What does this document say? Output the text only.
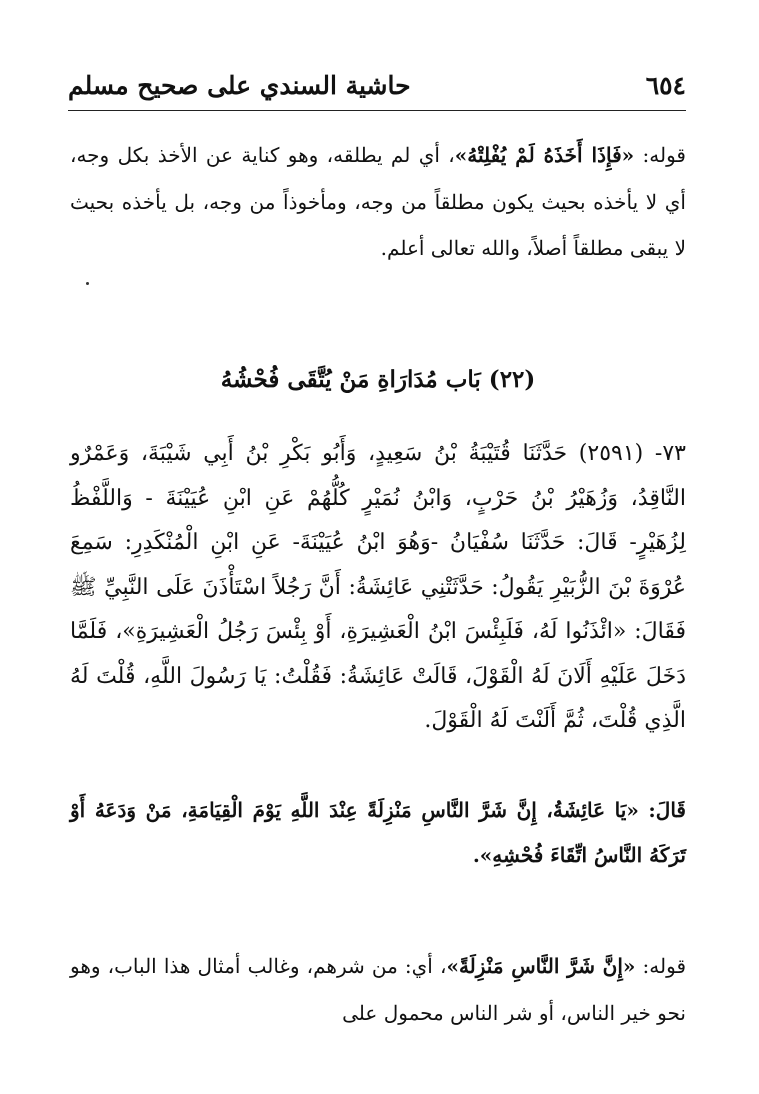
٦٥٤
حاشية السندي على صحيح مسلم

قوله: «فَإِذَا أَخَذَهُ لَمْ يُفْلِتْهُ»، أي لم يطلقه، وهو كناية عن الأخذ بكل وجه، أي لا يأخذه بحيث يكون مطلقاً من وجه، ومأخوذاً من وجه، بل يأخذه بحيث لا يبقى مطلقاً أصلاً، والله تعالى أعلم.

(٢٢) بَاب مُدَارَاةِ مَنْ يُتَّقَى فُحْشُهُ

٧٣- (٢٥٩١) حَدَّثَنَا قُتَيْبَةُ بْنُ سَعِيدٍ، وَأَبُو بَكْرِ بْنُ أَبِي شَيْبَةَ، وَعَمْرٌو النَّاقِدُ، وَزُهَيْرُ بْنُ حَرْبٍ، وَابْنُ نُمَيْرٍ كُلُّهُمْ عَنِ ابْنِ عُيَيْنَةَ - وَاللَّفْظُ لِزُهَيْرٍ- قَالَ: حَدَّثَنَا سُفْيَانُ -وَهُوَ ابْنُ عُيَيْنَةَ- عَنِ ابْنِ الْمُنْكَدِرِ: سَمِعَ عُرْوَةَ بْنَ الزُّبَيْرِ يَقُولُ: حَدَّثَتْنِي عَائِشَةُ: أَنَّ رَجُلاً اسْتَأْذَنَ عَلَى النَّبِيِّ ﷺ فَقَالَ: «ائْذَنُوا لَهُ، فَلَبِئْسَ ابْنُ الْعَشِيرَةِ، أَوْ بِئْسَ رَجُلُ الْعَشِيرَةِ»، فَلَمَّا دَخَلَ عَلَيْهِ أَلَانَ لَهُ الْقَوْلَ، قَالَتْ عَائِشَةُ: فَقُلْتُ: يَا رَسُولَ اللَّهِ، قُلْتَ لَهُ الَّذِي قُلْتَ، ثُمَّ أَلَنْتَ لَهُ الْقَوْلَ.

قَالَ: «يَا عَائِشَةُ، إِنَّ شَرَّ النَّاسِ مَنْزِلَةً عِنْدَ اللَّهِ يَوْمَ الْقِيَامَةِ، مَنْ وَدَعَهُ أَوْ تَرَكَهُ النَّاسُ اتِّقَاءَ فُحْشِهِ».

قوله: «إِنَّ شَرَّ النَّاسِ مَنْزِلَةً»، أي: من شرهم، وغالب أمثال هذا الباب، وهو نحو خير الناس، أو شر الناس محمول على
